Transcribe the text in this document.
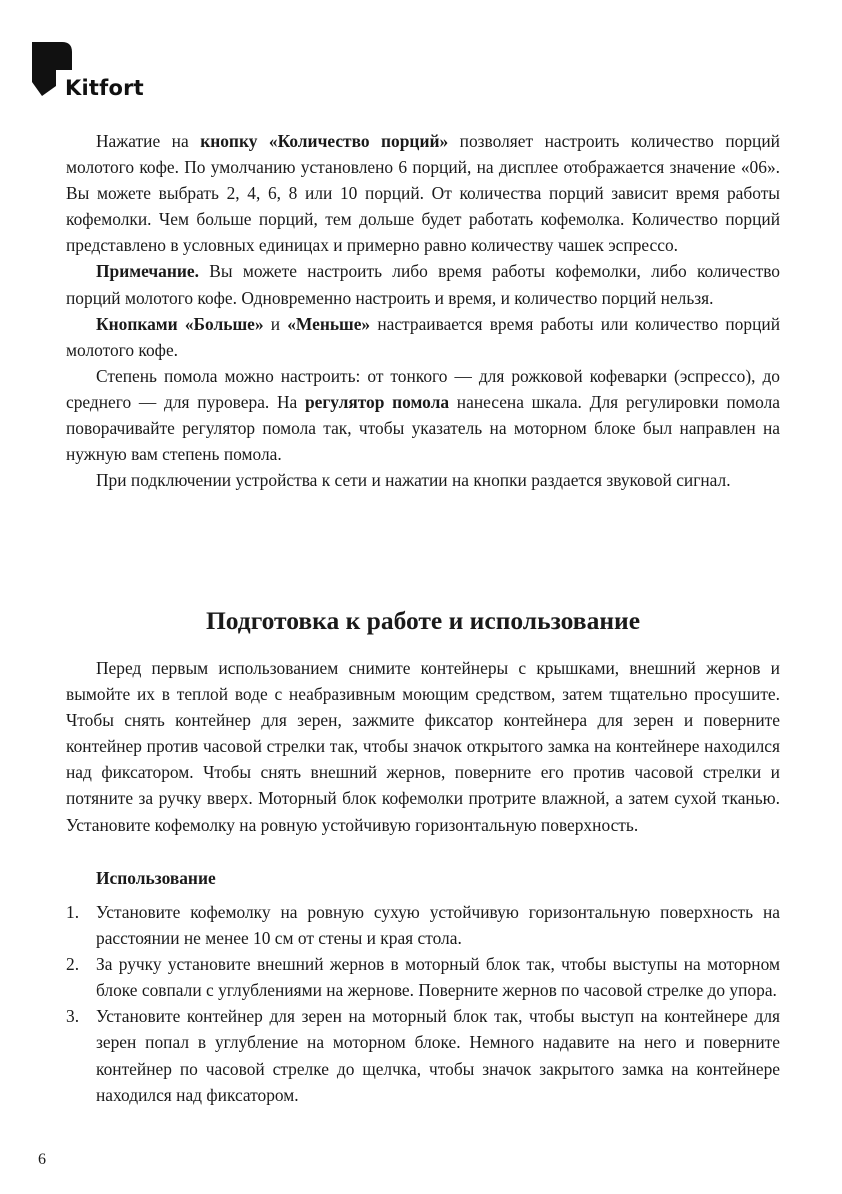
Kitfort

Нажатие на кнопку «Количество порций» позволяет настроить количество порций молотого кофе. По умолчанию установлено 6 порций, на дисплее отображается значение «06». Вы можете выбрать 2, 4, 6, 8 или 10 порций. От количества порций зависит время работы кофемолки. Чем больше порций, тем дольше будет работать кофемолка. Количество порций представлено в условных единицах и примерно равно количеству чашек эспрессо.

Примечание. Вы можете настроить либо время работы кофемолки, либо количество порций молотого кофе. Одновременно настроить и время, и количество порций нельзя.

Кнопками «Больше» и «Меньше» настраивается время работы или количество порций молотого кофе.

Степень помола можно настроить: от тонкого — для рожковой кофеварки (эспрессо), до среднего — для пуровера. На регулятор помола нанесена шкала. Для регулировки помола поворачивайте регулятор помола так, чтобы указатель на моторном блоке был направлен на нужную вам степень помола.

При подключении устройства к сети и нажатии на кнопки раздается звуковой сигнал.

Подготовка к работе и использование

Перед первым использованием снимите контейнеры с крышками, внешний жернов и вымойте их в теплой воде с неабразивным моющим средством, затем тщательно просушите. Чтобы снять контейнер для зерен, зажмите фиксатор контейнера для зерен и поверните контейнер против часовой стрелки так, чтобы значок открытого замка на контейнере находился над фиксатором. Чтобы снять внешний жернов, поверните его против часовой стрелки и потяните за ручку вверх. Моторный блок кофемолки протрите влажной, а затем сухой тканью. Установите кофемолку на ровную устойчивую горизонтальную поверхность.

Использование
1. Установите кофемолку на ровную сухую устойчивую горизонтальную поверхность на расстоянии не менее 10 см от стены и края стола.
2. За ручку установите внешний жернов в моторный блок так, чтобы выступы на моторном блоке совпали с углублениями на жернове. Поверните жернов по часовой стрелке до упора.
3. Установите контейнер для зерен на моторный блок так, чтобы выступ на контейнере для зерен попал в углубление на моторном блоке. Немного надавите на него и поверните контейнер по часовой стрелке до щелчка, чтобы значок закрытого замка на контейнере находился над фиксатором.
6
